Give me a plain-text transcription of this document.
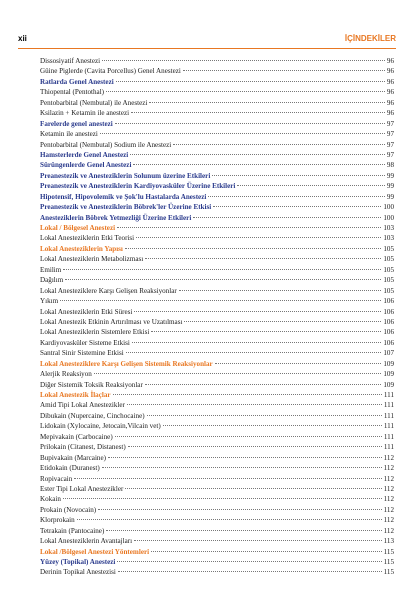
xii	İÇİNDEKİLER
Dissosiyatif Anestezi	96
Güine Piglerde (Cavita Porcellus) Genel Anestezi	96
Ratlarda Genel Anestezi	96
Thiopental (Pentothal)	96
Pentobarbital (Nembutal) ile Anestezi	96
Ksilazin + Ketamin ile anestezi	96
Farelerde genel anestezi	97
Ketamin ile anestezi	97
Pentobarbital (Nembutal) Sodium ile Anestezi	97
Hamsterlerde Genel Anestezi	97
Sürüngenlerde Genel Anestezi	98
Preanestezik ve Anesteziklerin Solunum üzerine Etkileri	99
Preanestezik ve Anesteziklerin Kardiyovasküler Üzerine Etkileri	99
Hipotensif, Hipovolemik ve Şok'lu Hastalarda Anestezi	99
Preanestezik ve Anesteziklerin Böbrek'ler Üzerine Etkisi	100
Anesteziklerin Böbrek Yetmezliği Üzerine Etkileri	100
Lokal / Bölgesel Anestezi	103
Lokal Anesteziklerin Etki Teorisi	103
Lokal Anesteziklerin Yapısı	105
Lokal Anesteziklerin Metabolizması	105
Emilim	105
Dağılım	105
Lokal Anesteziklere Karşı Gelişen Reaksiyonlar	105
Yıkım	106
Lokal Anesteziklerin Etki Süresi	106
Lokal Anestezik Etkinin Artırılması ve Uzatılması	106
Lokal Anesteziklerin Sistemlere Etkisi	106
Kardiyovasküler Sisteme Etkisi	106
Santral Sinir Sistemine Etkisi	107
Lokal Anesteziklere Karşı Gelişen Sistemik Reaksiyonlar	109
Alerjik Reaksiyon	109
Diğer Sistemik Toksik Reaksiyonlar	109
Lokal Anestezik İlaçlar	111
Amid Tipi Lokal Anestezikler	111
Dibukain (Nupercaine, Cinchocaine)	111
Lidokain (Xylocaine, Jetocain,Vilcain vet)	111
Mepivakain (Carbocaine)	111
Prilokain (Citanest, Distanest)	111
Bupivakain (Marcaine)	112
Etidokain (Duranest)	112
Ropivacain	112
Ester Tipi Lokal Anestezikler	112
Kokain	112
Prokain (Novocain)	112
Klorprokain	112
Tetrakain (Pantocaine)	112
Lokal Anesteziklerin Avantajları	113
Lokal /Bölgesel Anestezi Yöntemleri	115
Yüzey (Topikal) Anestezi	115
Derinin Topikal Anestezisi	115
